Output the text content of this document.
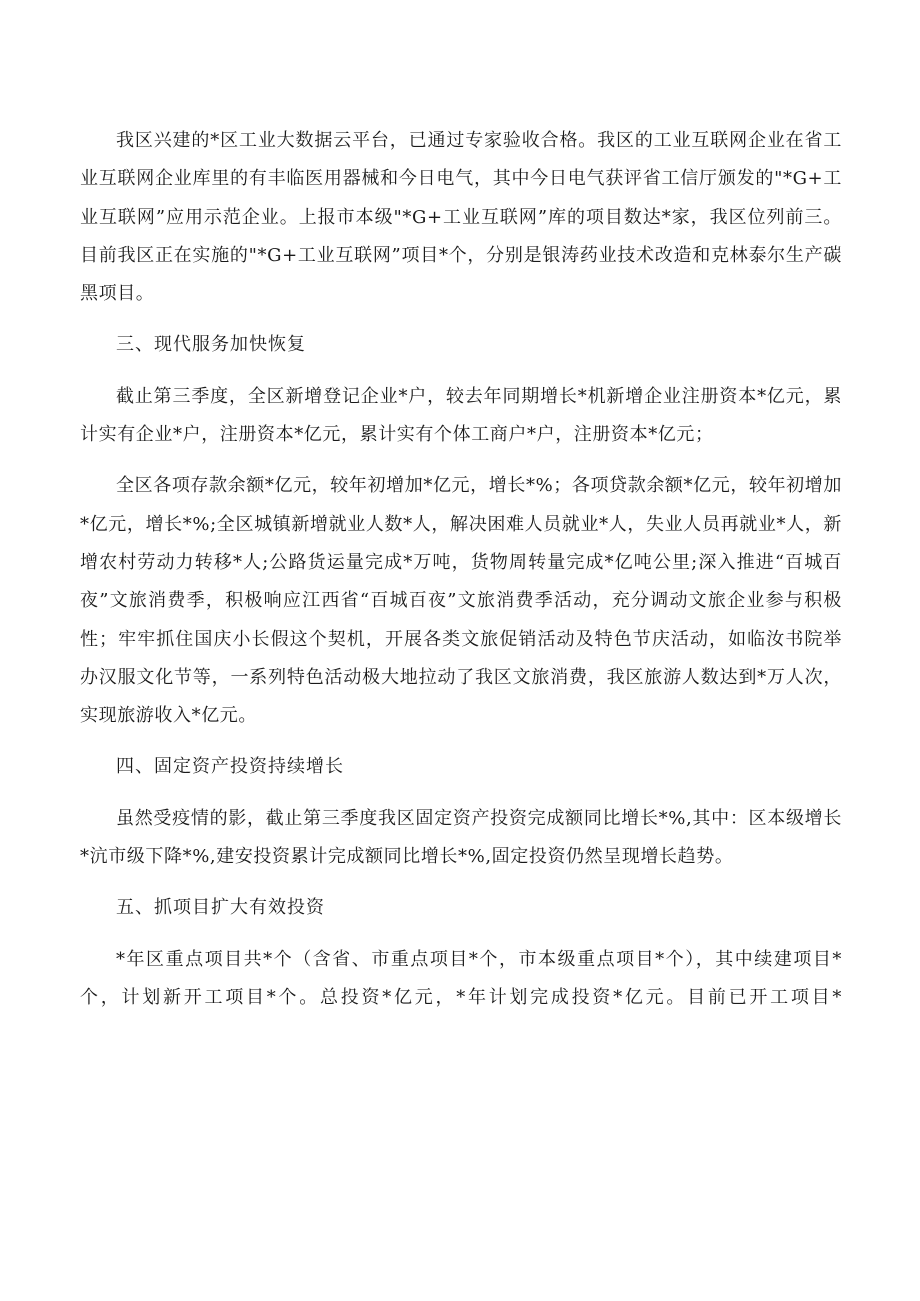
我区兴建的*区工业大数据云平台，已通过专家验收合格。我区的工业互联网企业在省工业互联网企业库里的有丰临医用器械和今日电气，其中今日电气获评省工信厅颁发的"*G+工业互联网”应用示范企业。上报市本级"*G+工业互联网”库的项目数达*家，我区位列前三。目前我区正在实施的"*G+工业互联网”项目*个，分别是银涛药业技术改造和克林泰尔生产碳黑项目。

三、现代服务加快恢复

截止第三季度，全区新增登记企业*户，较去年同期增长*机新增企业注册资本*亿元，累计实有企业*户，注册资本*亿元，累计实有个体工商户*户，注册资本*亿元；

全区各项存款余额*亿元，较年初增加*亿元，增长*%；各项贷款余额*亿元，较年初增加*亿元，增长*%;全区城镇新增就业人数*人，解决困难人员就业*人，失业人员再就业*人，新增农村劳动力转移*人;公路货运量完成*万吨，货物周转量完成*亿吨公里;深入推进“百城百夜”文旅消费季，积极响应江西省“百城百夜”文旅消费季活动，充分调动文旅企业参与积极性；牢牢抓住国庆小长假这个契机，开展各类文旅促销活动及特色节庆活动，如临汝书院举办汉服文化节等，一系列特色活动极大地拉动了我区文旅消费，我区旅游人数达到*万人次，实现旅游收入*亿元。

四、固定资产投资持续增长

虽然受疫情的影，截止第三季度我区固定资产投资完成额同比增长*%,其中：区本级增长*沆市级下降*%,建安投资累计完成额同比增长*%,固定投资仍然呈现增长趋势。

五、抓项目扩大有效投资

*年区重点项目共*个（含省、市重点项目*个，市本级重点项目*个），其中续建项目*个，计划新开工项目*个。总投资*亿元，*年计划完成投资*亿元。目前已开工项目*
